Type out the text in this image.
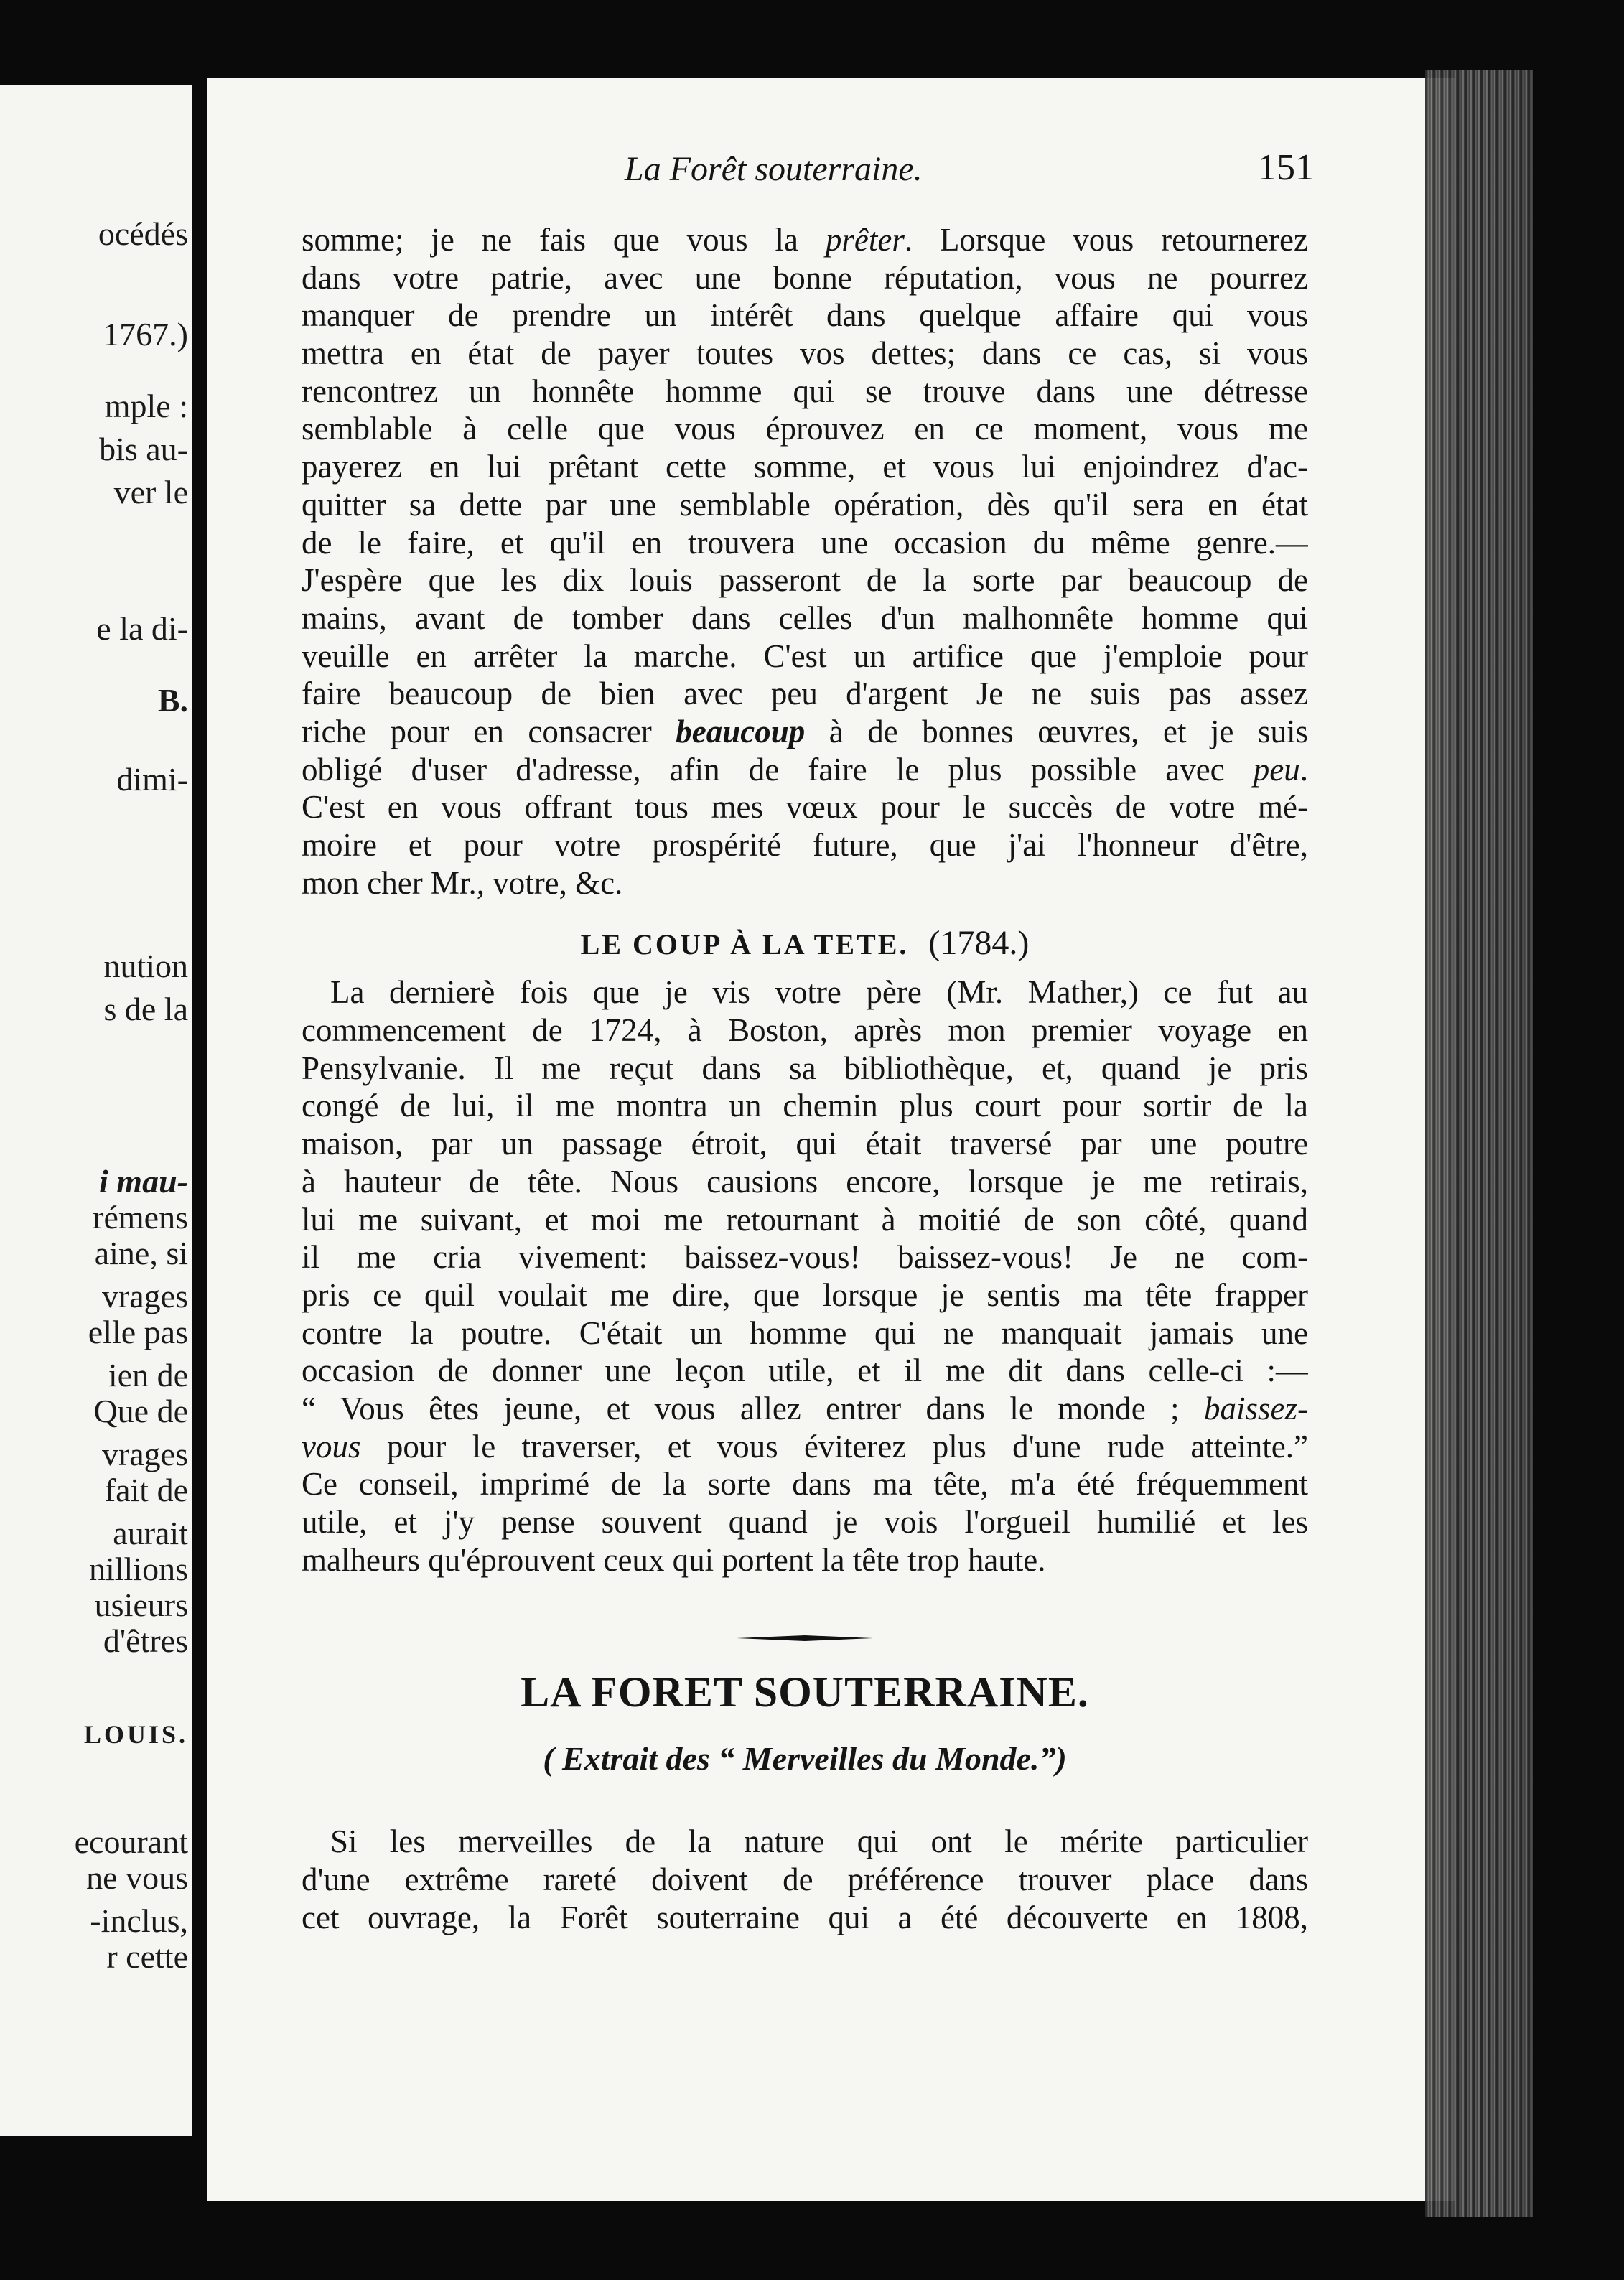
océdés
1767.)
mple :
bis au-
ver le
e la di-
B.
dimi-
nution
s de la
i mau-
rémens
aine, si
vrages
elle pas
ien de
Que de
vrages
fait de
aurait
nillions
usieurs
d'êtres
LOUIS.
ecourant
ne vous
-inclus,
r cette
La Forêt souterraine.	151
somme; je ne fais que vous la prêter. Lorsque vous retournerez
dans votre patrie, avec une bonne réputation, vous ne pourrez
manquer de prendre un intérêt dans quelque affaire qui vous
mettra en état de payer toutes vos dettes; dans ce cas, si vous
rencontrez un honnête homme qui se trouve dans une détresse
semblable à celle que vous éprouvez en ce moment, vous me
payerez en lui prêtant cette somme, et vous lui enjoindrez d'ac-
quitter sa dette par une semblable opération, dès qu'il sera en état
de le faire, et qu'il en trouvera une occasion du même genre.—
J'espère que les dix louis passeront de la sorte par beaucoup de
mains, avant de tomber dans celles d'un malhonnête homme qui
veuille en arrêter la marche. C'est un artifice que j'emploie pour
faire beaucoup de bien avec peu d'argent Je ne suis pas assez
riche pour en consacrer beaucoup à de bonnes œuvres, et je suis
obligé d'user d'adresse, afin de faire le plus possible avec peu.
C'est en vous offrant tous mes vœux pour le succès de votre mé-
moire et pour votre prospérité future, que j'ai l'honneur d'être,
mon cher Mr., votre, &c.
LE COUP À LA TETE. (1784.)
La dernierè fois que je vis votre père (Mr. Mather,) ce fut au
commencement de 1724, à Boston, après mon premier voyage en
Pensylvanie. Il me reçut dans sa bibliothèque, et, quand je pris
congé de lui, il me montra un chemin plus court pour sortir de la
maison, par un passage étroit, qui était traversé par une poutre
à hauteur de tête. Nous causions encore, lorsque je me retirais,
lui me suivant, et moi me retournant à moitié de son côté, quand
il me cria vivement: baissez-vous! baissez-vous! Je ne com-
pris ce quil voulait me dire, que lorsque je sentis ma tête frapper
contre la poutre. C'était un homme qui ne manquait jamais une
occasion de donner une leçon utile, et il me dit dans celle-ci :—
“ Vous êtes jeune, et vous allez entrer dans le monde ; baissez-
vous pour le traverser, et vous éviterez plus d'une rude atteinte.”
Ce conseil, imprimé de la sorte dans ma tête, m'a été fréquemment
utile, et j'y pense souvent quand je vois l'orgueil humilié et les
malheurs qu'éprouvent ceux qui portent la tête trop haute.
LA FORET SOUTERRAINE.
( Extrait des “ Merveilles du Monde.”)
Si les merveilles de la nature qui ont le mérite particulier
d'une extrême rareté doivent de préférence trouver place dans
cet ouvrage, la Forêt souterraine qui a été découverte en 1808,
